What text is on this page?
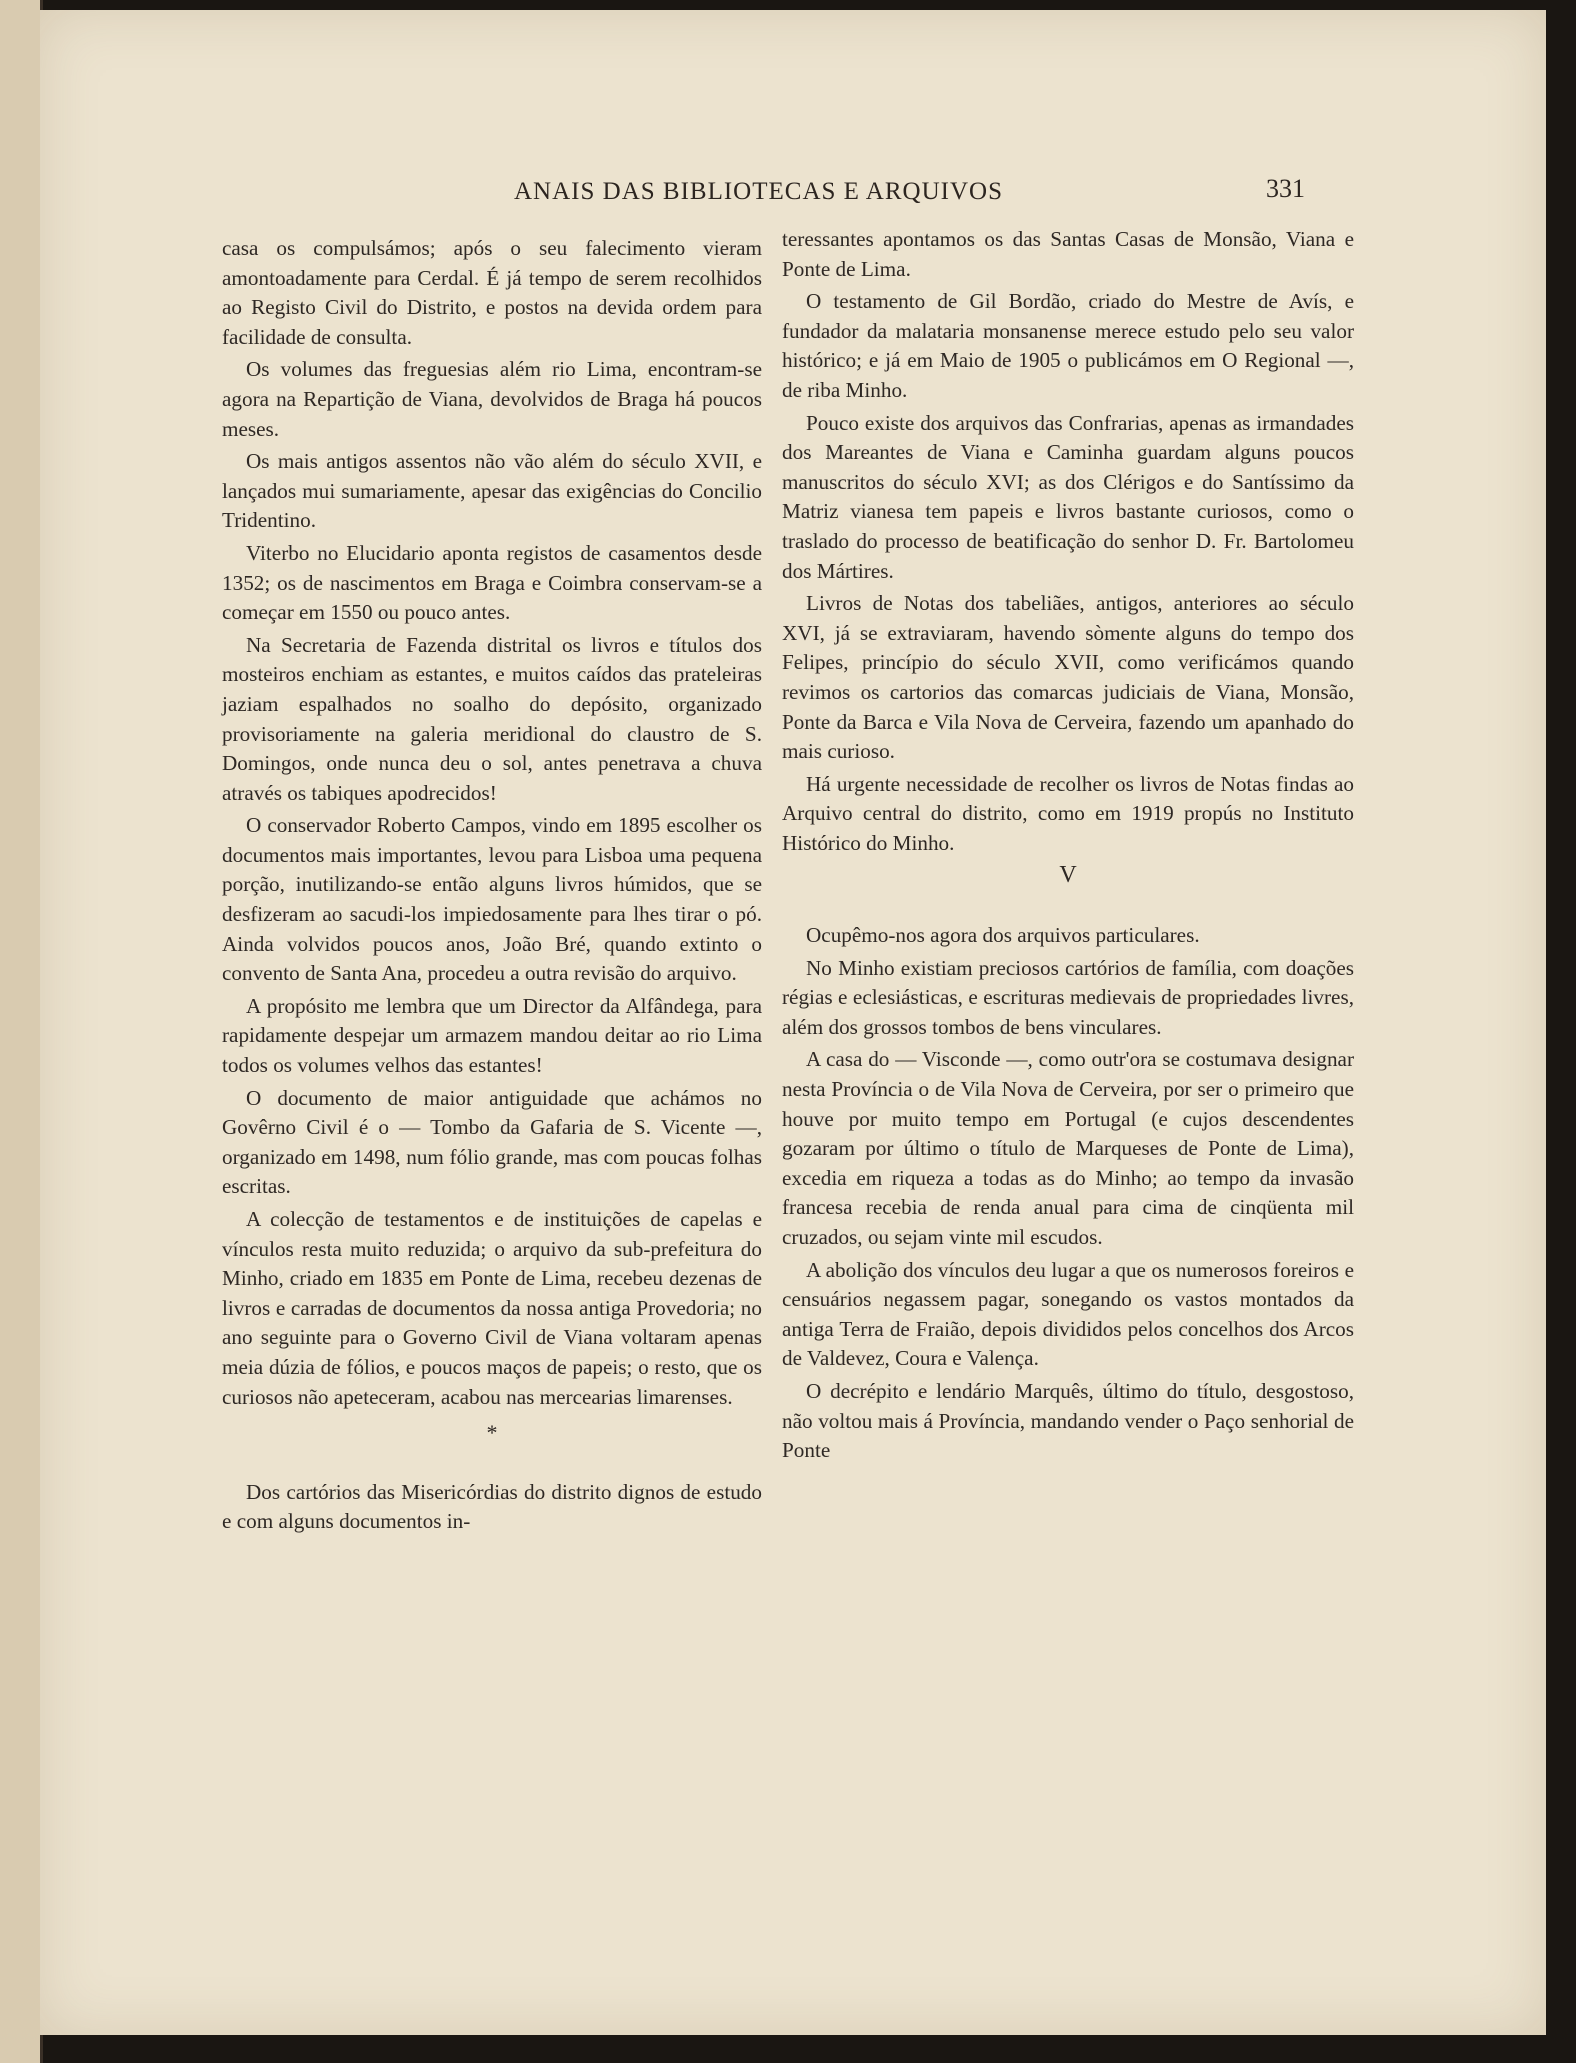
ANAIS DAS BIBLIOTECAS E ARQUIVOS	331

casa os compulsámos; após o seu falecimento vieram amontoadamente para Cerdal. É já tempo de serem recolhidos ao Registo Civil do Distrito, e postos na devida ordem para facilidade de consulta.

Os volumes das freguesias além rio Lima, encontram-se agora na Repartição de Viana, devolvidos de Braga há poucos meses.

Os mais antigos assentos não vão além do século XVII, e lançados mui sumariamente, apesar das exigências do Concilio Tridentino.

Viterbo no Elucidario aponta registos de casamentos desde 1352; os de nascimentos em Braga e Coimbra conservam-se a começar em 1550 ou pouco antes.

Na Secretaria de Fazenda distrital os livros e títulos dos mosteiros enchiam as estantes, e muitos caídos das prateleiras jaziam espalhados no soalho do depósito, organizado provisoriamente na galeria meridional do claustro de S. Domingos, onde nunca deu o sol, antes penetrava a chuva através os tabiques apodrecidos!

O conservador Roberto Campos, vindo em 1895 escolher os documentos mais importantes, levou para Lisboa uma pequena porção, inutilizando-se então alguns livros húmidos, que se desfizeram ao sacudi-los impiedosamente para lhes tirar o pó. Ainda volvidos poucos anos, João Bré, quando extinto o convento de Santa Ana, procedeu a outra revisão do arquivo.

A propósito me lembra que um Director da Alfândega, para rapidamente despejar um armazem mandou deitar ao rio Lima todos os volumes velhos das estantes!

O documento de maior antiguidade que achámos no Govêrno Civil é o — Tombo da Gafaria de S. Vicente —, organizado em 1498, num fólio grande, mas com poucas folhas escritas.

A colecção de testamentos e de instituições de capelas e vínculos resta muito reduzida; o arquivo da sub-prefeitura do Minho, criado em 1835 em Ponte de Lima, recebeu dezenas de livros e carradas de documentos da nossa antiga Provedoria; no ano seguinte para o Governo Civil de Viana voltaram apenas meia dúzia de fólios, e poucos maços de papeis; o resto, que os curiosos não apeteceram, acabou nas mercearias limarenses.

*

Dos cartórios das Misericórdias do distrito dignos de estudo e com alguns documentos in-

teressantes apontamos os das Santas Casas de Monsão, Viana e Ponte de Lima.

O testamento de Gil Bordão, criado do Mestre de Avís, e fundador da malataria monsanense merece estudo pelo seu valor histórico; e já em Maio de 1905 o publicámos em O Regional —, de riba Minho.

Pouco existe dos arquivos das Confrarias, apenas as irmandades dos Mareantes de Viana e Caminha guardam alguns poucos manuscritos do século XVI; as dos Clérigos e do Santíssimo da Matriz vianesa tem papeis e livros bastante curiosos, como o traslado do processo de beatificação do senhor D. Fr. Bartolomeu dos Mártires.

Livros de Notas dos tabeliães, antigos, anteriores ao século XVI, já se extraviaram, havendo sòmente alguns do tempo dos Felipes, princípio do século XVII, como verificámos quando revimos os cartorios das comarcas judiciais de Viana, Monsão, Ponte da Barca e Vila Nova de Cerveira, fazendo um apanhado do mais curioso.

Há urgente necessidade de recolher os livros de Notas findas ao Arquivo central do distrito, como em 1919 propús no Instituto Histórico do Minho.

V

Ocupêmo-nos agora dos arquivos particulares.

No Minho existiam preciosos cartórios de família, com doações régias e eclesiásticas, e escrituras medievais de propriedades livres, além dos grossos tombos de bens vinculares.

A casa do — Visconde —, como outr'ora se costumava designar nesta Província o de Vila Nova de Cerveira, por ser o primeiro que houve por muito tempo em Portugal (e cujos descendentes gozaram por último o título de Marqueses de Ponte de Lima), excedia em riqueza a todas as do Minho; ao tempo da invasão francesa recebia de renda anual para cima de cinqüenta mil cruzados, ou sejam vinte mil escudos.

A abolição dos vínculos deu lugar a que os numerosos foreiros e censuários negassem pagar, sonegando os vastos montados da antiga Terra de Fraião, depois divididos pelos concelhos dos Arcos de Valdevez, Coura e Valença.

O decrépito e lendário Marquês, último do título, desgostoso, não voltou mais á Província, mandando vender o Paço senhorial de Ponte
